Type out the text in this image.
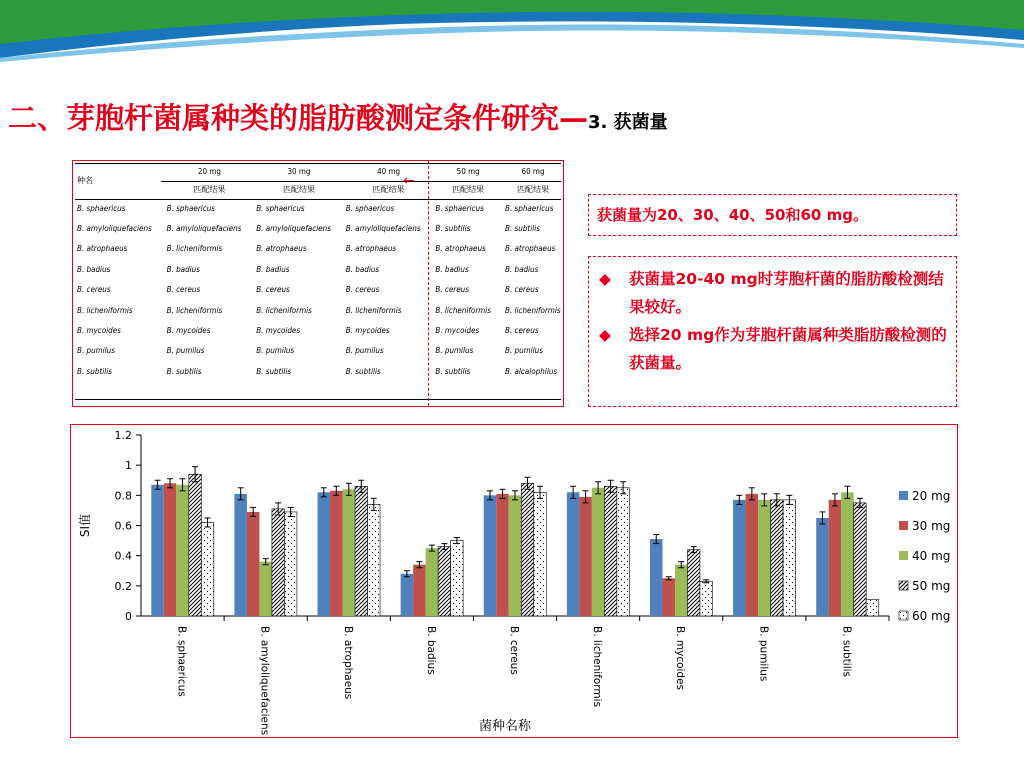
二、芽胞杆菌属种类的脂肪酸测定条件研究—3. 获菌量
种名	20 mg	30 mg	40 mg	50 mg	60 mg
	匹配结果	匹配结果	匹配结果	匹配结果	匹配结果
B. sphaericus	B. sphaericus	B. sphaericus	B. sphaericus	B. sphaericus	B. sphaericus
B. amyloliquefaciens	B. amyloliquefaciens	B. amyloliquefaciens	B. amyloliquefaciens	B. subtilis	B. subtilis
B. atrophaeus	B. licheniformis	B. atrophaeus	B. atrophaeus	B. atrophaeus	B. atrophaeus
B. badius	B. badius	B. badius	B. badius	B. badius	B. badius
B. cereus	B. cereus	B. cereus	B. cereus	B. cereus	B. cereus
B. licheniformis	B. licheniformis	B. licheniformis	B. licheniformis	B. licheniformis	B. licheniformis
B. mycoides	B. mycoides	B. mycoides	B. mycoides	B. mycoides	B. cereus
B. pumilus	B. pumilus	B. pumilus	B. pumilus	B. pumilus	B. pumilus
B. subtilis	B. subtilis	B. subtilis	B. subtilis	B. subtilis	B. alcalophilus
←
获菌量为20、30、40、50和60 mg。
◆ 获菌量20-40 mg时芽胞杆菌的脂肪酸检测结果较好。
◆ 选择20 mg作为芽胞杆菌属种类脂肪酸检测的获菌量。
0
0.2
0.4
0.6
0.8
1
1.2
SI值
菌种名称
B. sphaericus	B. amyloliquefaciens	B. atrophaeus	B. badius	B. cereus	B. licheniformis	B. mycoides	B. pumilus	B. subtilis
20 mg
30 mg
40 mg
50 mg
60 mg
